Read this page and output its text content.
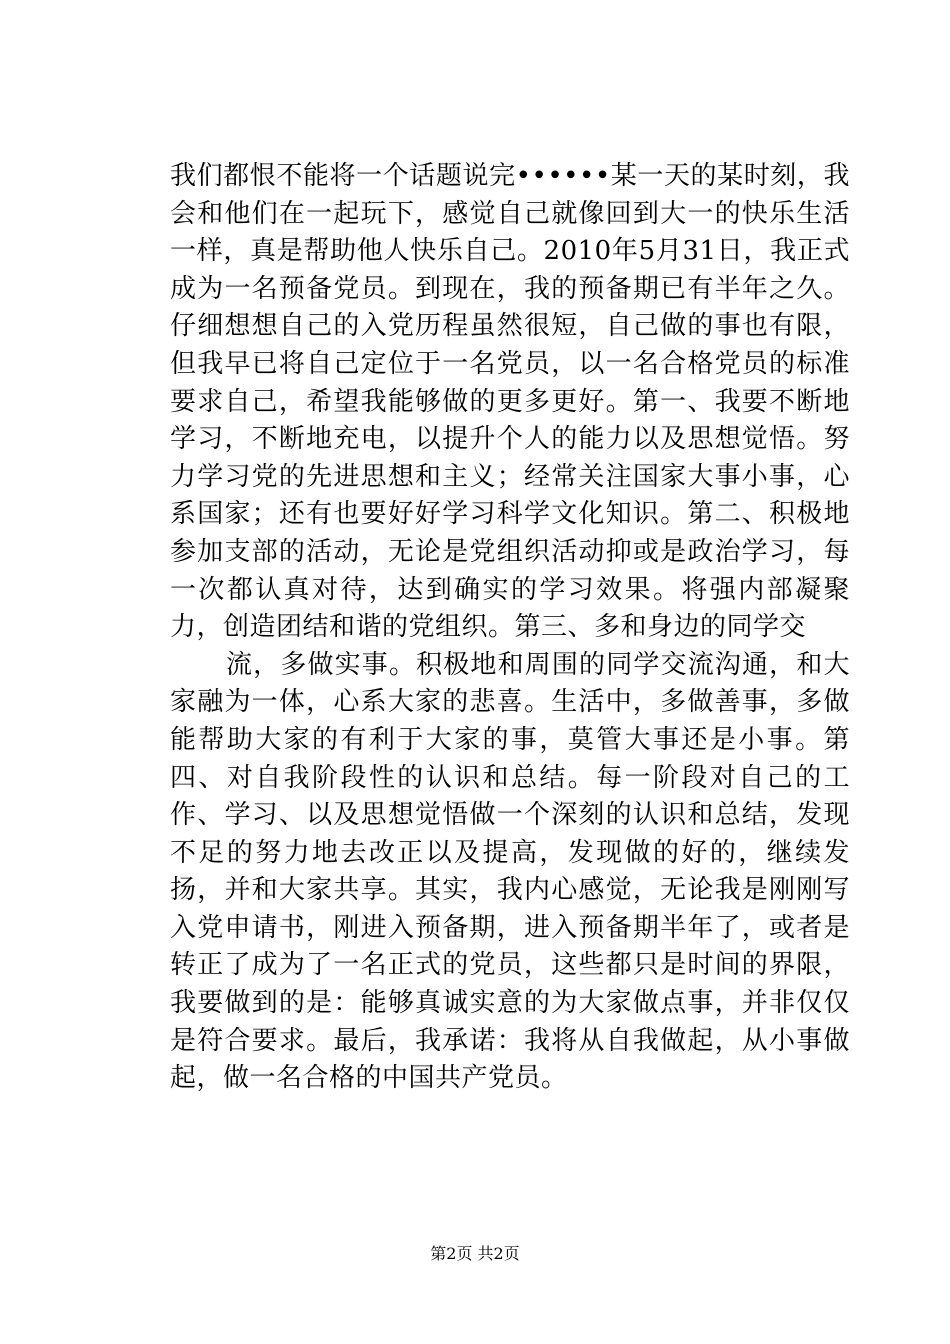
我们都恨不能将一个话题说完••••••某一天的某时刻，我会和他们在一起玩下，感觉自己就像回到大一的快乐生活一样，真是帮助他人快乐自己。2010年5月31日，我正式成为一名预备党员。到现在，我的预备期已有半年之久。仔细想想自己的入党历程虽然很短，自己做的事也有限，但我早已将自己定位于一名党员，以一名合格党员的标准要求自己，希望我能够做的更多更好。第一、我要不断地学习，不断地充电，以提升个人的能力以及思想觉悟。努力学习党的先进思想和主义；经常关注国家大事小事，心系国家；还有也要好好学习科学文化知识。第二、积极地参加支部的活动，无论是党组织活动抑或是政治学习，每一次都认真对待，达到确实的学习效果。将强内部凝聚力，创造团结和谐的党组织。第三、多和身边的同学交

流，多做实事。积极地和周围的同学交流沟通，和大家融为一体，心系大家的悲喜。生活中，多做善事，多做能帮助大家的有利于大家的事，莫管大事还是小事。第四、对自我阶段性的认识和总结。每一阶段对自己的工作、学习、以及思想觉悟做一个深刻的认识和总结，发现不足的努力地去改正以及提高，发现做的好的，继续发扬，并和大家共享。其实，我内心感觉，无论我是刚刚写入党申请书，刚进入预备期，进入预备期半年了，或者是转正了成为了一名正式的党员，这些都只是时间的界限，我要做到的是：能够真诚实意的为大家做点事，并非仅仅是符合要求。最后，我承诺：我将从自我做起，从小事做起，做一名合格的中国共产党员。

第2页 共2页
